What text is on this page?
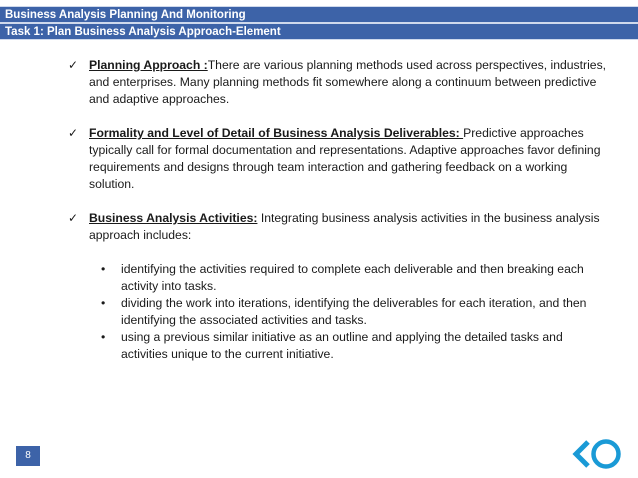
Business Analysis Planning And Monitoring
Task 1: Plan Business Analysis Approach-Element
✓ Planning Approach :There are various planning methods used across perspectives, industries, and enterprises. Many planning methods fit somewhere along a continuum between predictive and adaptive approaches.
✓ Formality and Level of Detail of Business Analysis Deliverables: Predictive approaches typically call for formal documentation and representations. Adaptive approaches favor defining requirements and designs through team interaction and gathering feedback on a working solution.
✓ Business Analysis Activities: Integrating business analysis activities in the business analysis approach includes:
• identifying the activities required to complete each deliverable and then breaking each activity into tasks.
• dividing the work into iterations, identifying the deliverables for each iteration, and then identifying the associated activities and tasks.
• using a previous similar initiative as an outline and applying the detailed tasks and activities unique to the current initiative.
8
